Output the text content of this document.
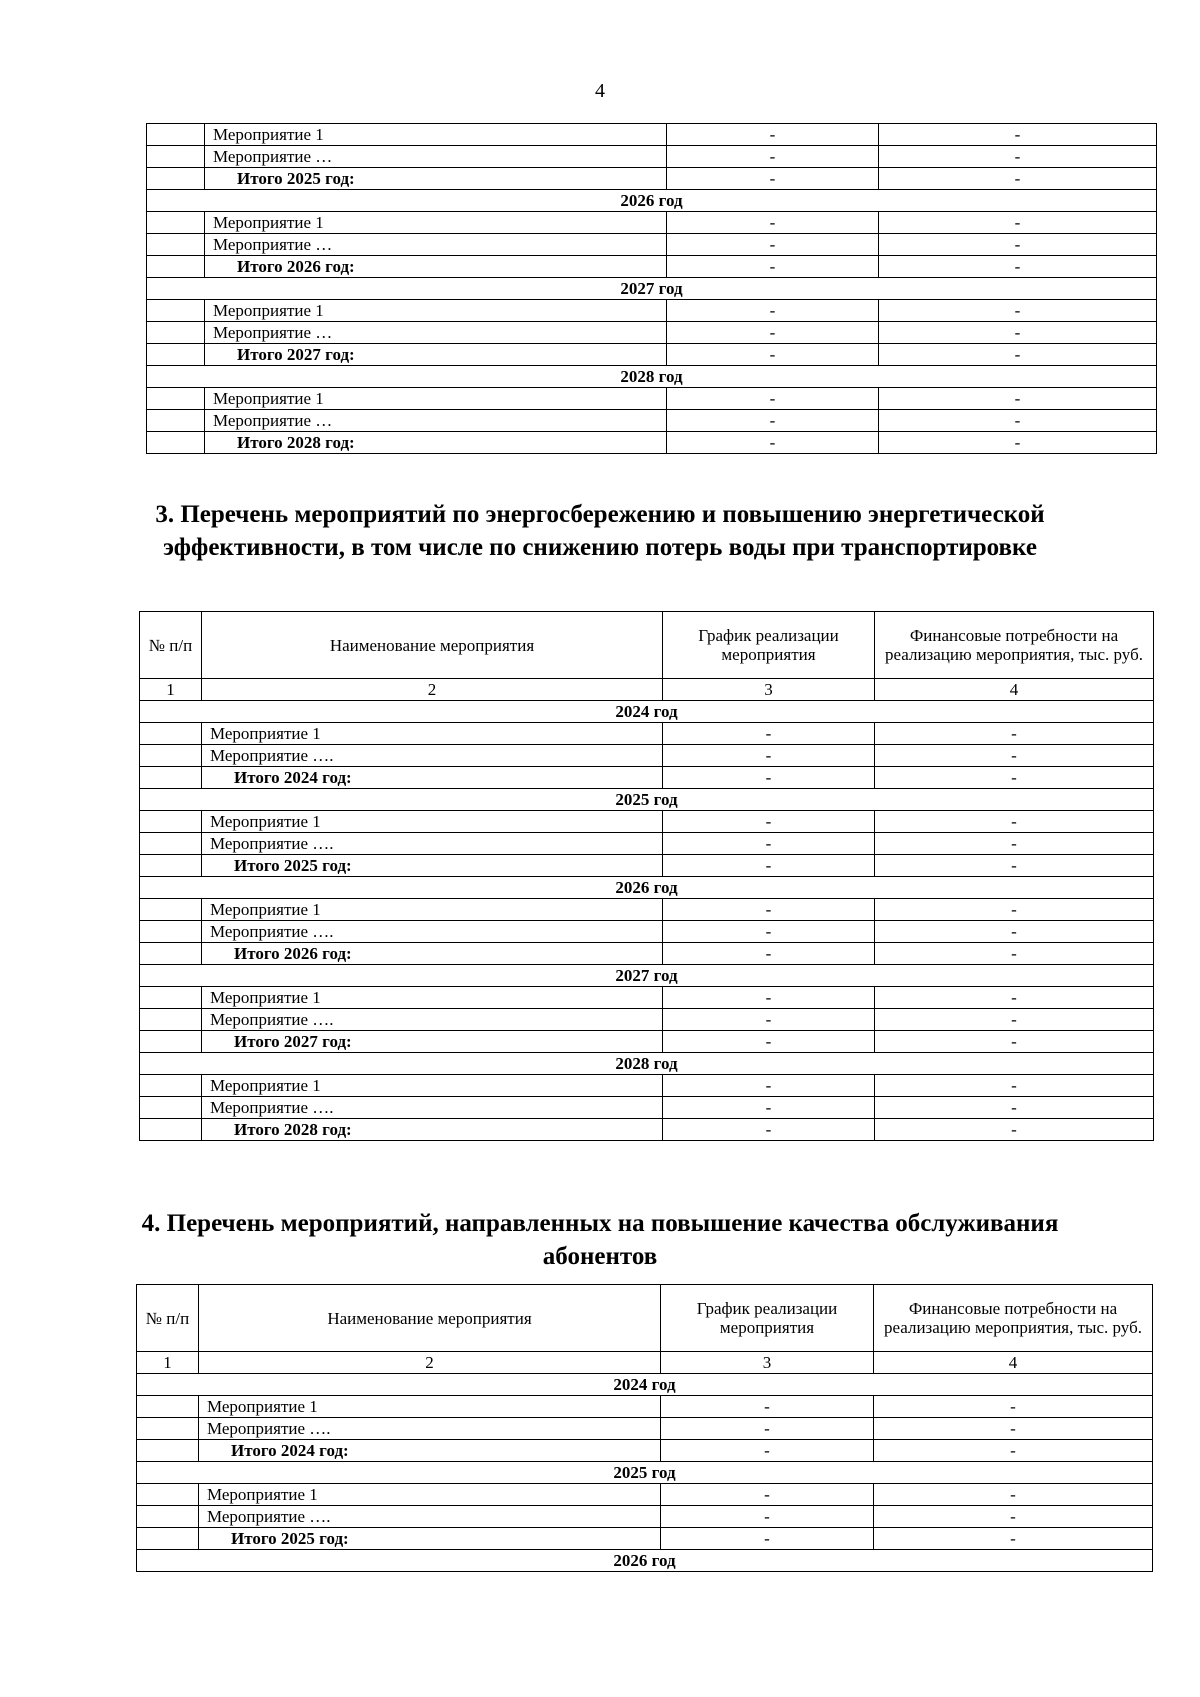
4
	Мероприятие 1	-	-
	Мероприятие …	-	-
	Итого 2025 год:	-	-
2026 год			
	Мероприятие 1	-	-
	Мероприятие …	-	-
	Итого 2026 год:	-	-
2027 год			
	Мероприятие 1	-	-
	Мероприятие …	-	-
	Итого 2027 год:	-	-
2028 год			
	Мероприятие 1	-	-
	Мероприятие …	-	-
	Итого 2028 год:	-	-
3. Перечень мероприятий по энергосбережению и повышению энергетической эффективности, в том числе по снижению потерь воды при транспортировке
№ п/п	Наименование мероприятия	График реализации мероприятия	Финансовые потребности на реализацию мероприятия, тыс. руб.
1	2	3	4
2024 год			
	Мероприятие 1	-	-
	Мероприятие ….	-	-
	Итого 2024 год:	-	-
2025 год			
	Мероприятие 1	-	-
	Мероприятие ….	-	-
	Итого 2025 год:	-	-
2026 год			
	Мероприятие 1	-	-
	Мероприятие ….	-	-
	Итого 2026 год:	-	-
2027 год			
	Мероприятие 1	-	-
	Мероприятие ….	-	-
	Итого 2027 год:	-	-
2028 год			
	Мероприятие 1	-	-
	Мероприятие ….	-	-
	Итого 2028 год:	-	-
4. Перечень мероприятий, направленных на повышение качества обслуживания абонентов
№ п/п	Наименование мероприятия	График реализации мероприятия	Финансовые потребности на реализацию мероприятия, тыс. руб.
1	2	3	4
2024 год			
	Мероприятие 1	-	-
	Мероприятие ….	-	-
	Итого 2024 год:	-	-
2025 год			
	Мероприятие 1	-	-
	Мероприятие ….	-	-
	Итого 2025 год:	-	-
2026 год			
